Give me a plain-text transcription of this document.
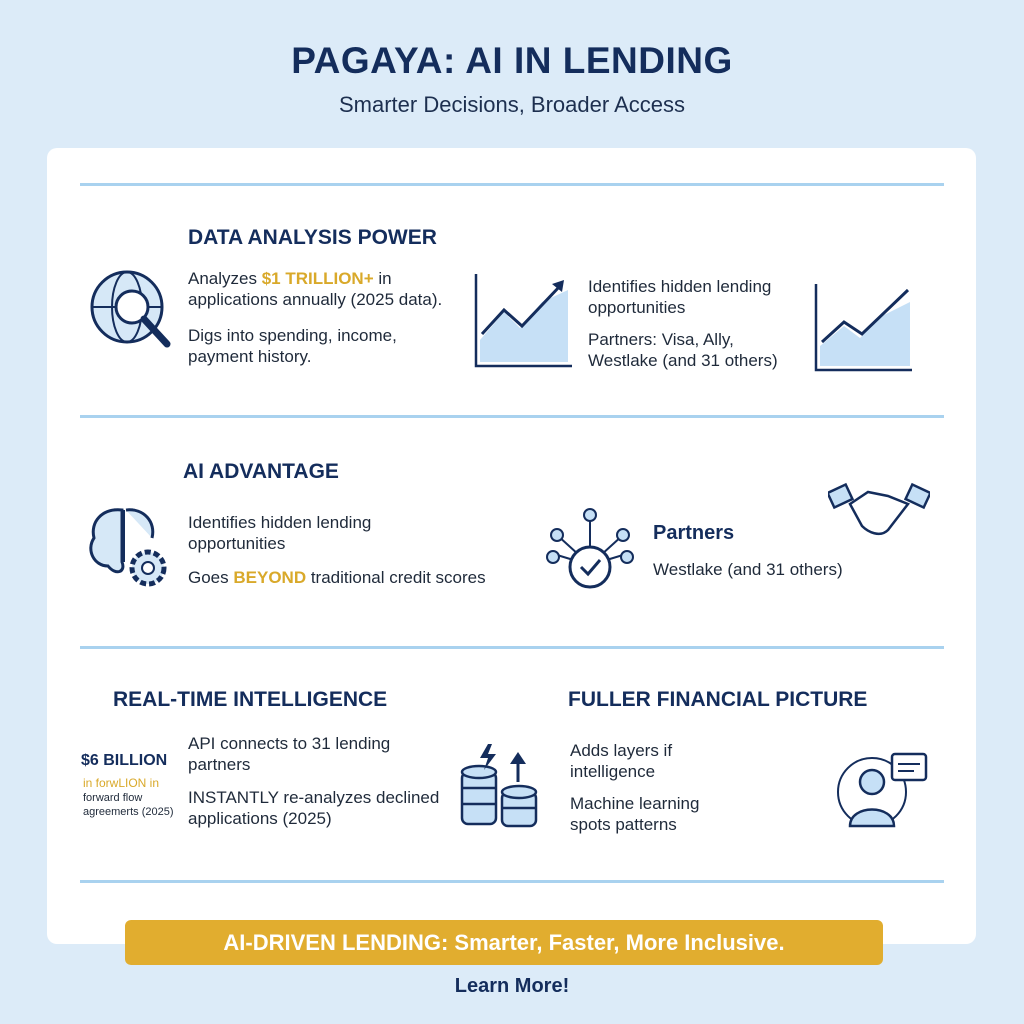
PAGAYA: AI IN LENDING
Smarter Decisions, Broader Access
DATA ANALYSIS POWER
Analyzes $1 TRILLION+ in applications annually (2025 data).
Digs into spending, income, payment history.
Identifies hidden lending opportunities
Partners: Visa, Ally, Westlake (and 31 others)
AI ADVANTAGE
Identifies hidden lending opportunities
Goes BEYOND traditional credit scores
Partners
Westlake (and 31 others)
REAL-TIME INTELLIGENCE
$6 BILLION
in forwLION in
forward flow agreemerts (2025)
API connects to 31 lending partners
INSTANTLY re-analyzes declined applications (2025)
FULLER FINANCIAL PICTURE
Adds layers if intelligence
Machine learning spots patterns
AI-DRIVEN LENDING: Smarter, Faster, More Inclusive.
Learn More!
